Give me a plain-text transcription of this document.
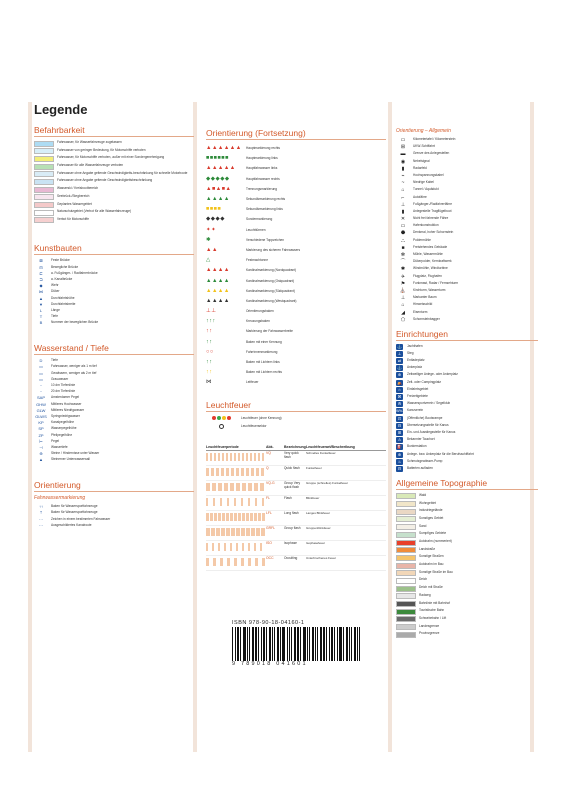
Legende
Befahrbarkeit
Fahrwasser, für Wasserfahrzeuge zugelassen
Fahrwasser von geringer Bedeutung, für Motorschiffe verboten
Fahrwasser, für Motorschiffe verboten, außer mit einer Sondergenehmigung
Fahrwasser für alle Wasserfahrzeuge verboten
Fahrwasser ohne Angabe geltende Geschwindigkeits-beschränkung für schnelle Motorboote
Fahrwasser ohne Angabe geltende Geschwindigkeitsbeschränkung
Wasserski / Kreisbootbereich
Seebrück-/Stegbereich
Geplantes Wassergebiet
Naturschutzgebiet (Verbot für alle Wasserfahrzeuge)
Verbot für Motorschiffe
Kunstbauten
⊠	Feste Brücke
⊟	Bewegliche Brücke
⊏	a. Fußgänger- / Radfahrerbrücke
⊐	a. Kanalbrücke
◆	Wehr
⋈	Düker
▲	Durchfahrtshöhe
▼	Durchfahrtsbreite
L	Länge
T	Tiefe
B	Nummer der beweglichen Brücke
Wasserstand / Tiefe
D	Tiefe
▭	Fahrwasser, weniger als 1 m tief
▭	Gewässern, weniger als 2 m tief
▭	Grauwasser
··	10 dm Tiefenlinie
··	20 dm Tiefenlinie
SAP	Amsterdamer Pegel
GHW	Mittleres Hochwasser
GLW	Mittleres Niedrigwasser
GLWS	Springniedrigwasser
KP	Kanalpegelhöhe
SP	Wasserpegelhöhe
ZP	Pfeilpegelhöhe
⊢	Pegel
⊣	Wassertiefe
⊕	Steine / Hindernisse unter Wasser
▲	Steinerner Unterwasserwall
Orientierung
Fahrwassermarkierung
↑↑	Baken für Wassersportfahrzeuge
⇡	Baken für Wassersportfahrzeuge
···	Zeichen in einem bestimmten Fahrwasser
⋯	Ausgeschildertes Kanalroute
Orientierung (Fortsetzung)
▲▲▲▲▲▲	Hauptmarkierung rechts
■■■■■■	Hauptmarkierung links
▲▲▲▲▲	Hauptfahrwasser links
◆◆◆◆◆	Hauptfahrwasser rechts
▲■▲■▲	Trennungsmarkierung
▲▲▲▲	Sekundärmarkierung rechts
■■■■	Sekundärmarkierung links
◆◆◆◆	Sondermarkierung
✦✦	Leuchttürmen
✱	Verschiedene Toppzeichen
▲▲	Markierung des sicheren Fahrwassers
△	Festmachtonne
▲▲▲▲	Kardinalmarkierung (Nordquadrant)
▲▲▲▲	Kardinalmarkierung (Ostquadrant)
▲▲▲▲	Kardinalmarkierung (Südquadrant)
▲▲▲▲	Kardinalmarkierung (Westquadrant)
⊥⊥	Orientierungsbaken
↑↑↑	Kreuzungsbaken
↑↑	Markierung der Fahrwasserbreite
↑↑	Baken mit einer Kennung
○○	Fahrrinnenmarkierung
↑↑	Baken mit Lichtern links
↑↑	Baken mit Lichtern rechts
⋈	Leitfeuer
Leuchtfeuer
Leuchtfeuer (ohne Kennung)
Leuchtfeuersektor
Leuchtfeuerperiode	Abk.	Bezeichnung Leuchtfeuerart/Beschreibung
VQ	Very quick flash
Schnelles Funkelfeuer
Q	Quick flash	Funkelfeuer
VQ-G	Group Very quick flash
Gruppe (schnelles) Funkelfeuer
FL	Flash	Blinkfeuer
LFL	Long flash	Langes Blinkfeuer
GRFL	Group flash	Gruppenblinkfeuer
ISO	Isophase	Isophasefeuer
OCC	Occulting	Unterbrochenes Feuer
Orientierung – Allgemein
▭	Kilometertafel / Kilometerstein
⊞	UKW-Schiffahrt
▬	Grenze des Anlegestellen
◉	Nebelsignal
▮	Radarfeld
⌁	Hochspannungskabel
~	Niedrige Kabel
⌂	Tunnel / Aquädukt
⌐	Autofähre
⊥	Fußgänger-/Radfahrerfähre
▮	Anlegestelle Tragflügelboot
✕	Nicht frei fahrende Fähre
▭	Hafenkonstruktion
⬣	Denkmal, hoher Schornstein
⛬	Poldermühle
■	Freistehendes Gebäude
✻	Mühle, Wassermühle
⌒	Dükerpolder, Kernkraftwerk
✱	Windmühle, Windturbine
✈	Flugplatz, Flughafen
⚑	Funkmast, Radar / Fernsehturm
⛪	Kirchturm, Wasserturm
⊥	Markanter Baum
⌂	Hinweisschild
◢	Eisenturm
⬠	Schornsteinbagger
Einrichtungen
⚓	Jachthafen
⊥	Steg
⇌	Entladeplatz
⚓	Ankerplatz
⊕	Zeitweiliger Anlege- oder Ankerplatz
⛺	Zelt- oder Campingplatz
⌂	Einfahrtsgebiet
⌘	Freizeitgebiete
✇	Wassersportverein / Segelklub
WV/ZV
Kanuverein
⊡	(Öffentliche) Bootsrampe
⊟	Übersetzungsstelle für Kanus
⊞	Ein- und Ausstiegsstelle für Kanus
⚠	Bekannter Tauchort
⛽	Bunkerstation
⊕	Anlege- bzw. Ankerplatz für die Berufsschiffahrt
♨	Schmutzgewässer-Pump
⊟	Batterien aufladen
Allgemeine Topographie
Wald
Wohngebiet
Industriegelände
Sonstiges Gebiet
Sand
Sumpfiges Gebiete
Autobahn (nummeriert)
Landstraße
Sonstige Straßen
Autobahn im Bau
Sonstige Straße im Bau
Deich
Deich mit Straße
Radweg
Bahnlinie mit Bahnhof
Touristische Bahn
Schwebebahn / Lift
Landesgrenze
Provinzgrenze
ISBN 978-90-18-04160-1
9 789018 041601
